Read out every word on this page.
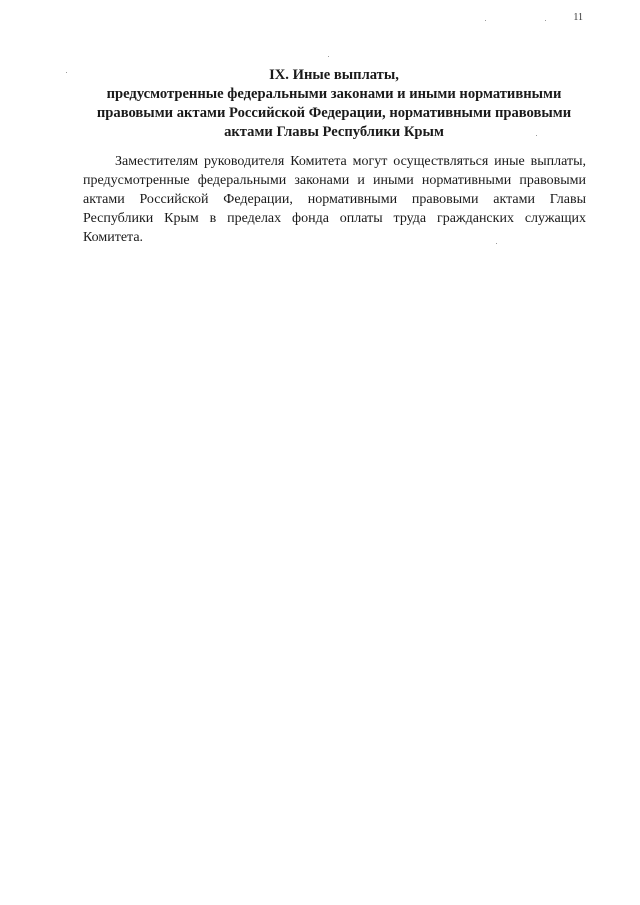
11
IX. Иные выплаты,
предусмотренные федеральными законами и иными нормативными
правовыми актами Российской Федерации, нормативными правовыми
актами Главы Республики Крым

Заместителям руководителя Комитета могут осуществляться иные выплаты, предусмотренные федеральными законами и иными нормативными правовыми актами Российской Федерации, нормативными правовыми актами Главы Республики Крым в пределах фонда оплаты труда гражданских служащих Комитета.
